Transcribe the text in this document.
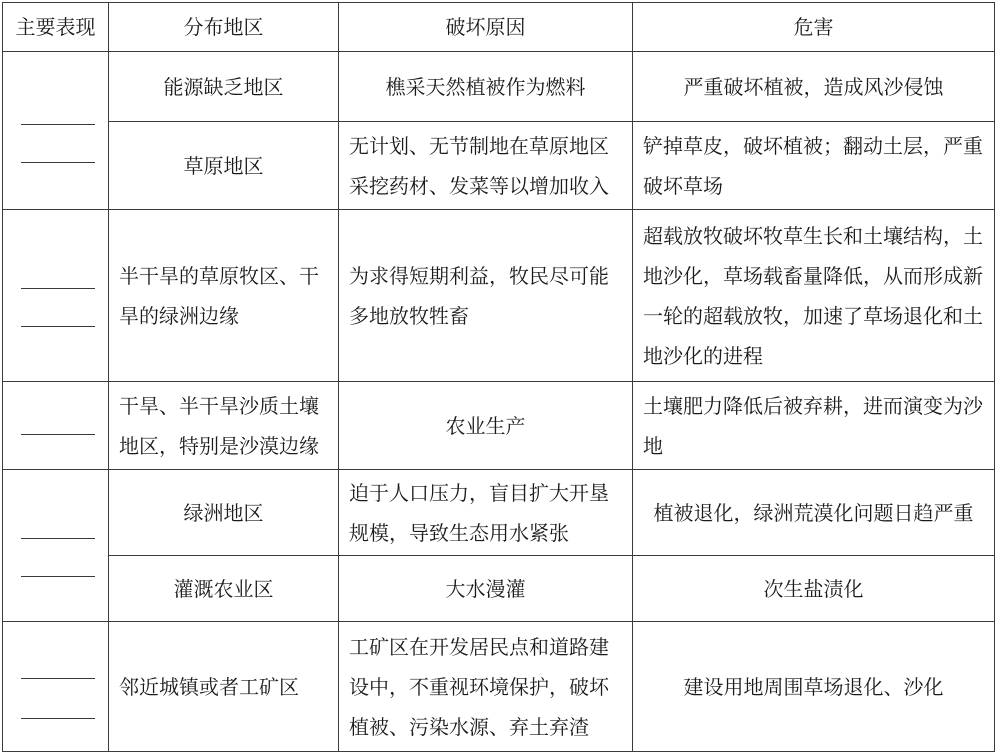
主要表现	分布地区	破坏原因	危害

	能源缺乏地区	樵采天然植被作为燃料	严重破坏植被，造成风沙侵蚀
	草原地区	无计划、无节制地在草原地区采挖药材、发菜等以增加收入	铲掉草皮，破坏植被；翻动土层，严重破坏草场

	半干旱的草原牧区、干旱的绿洲边缘	为求得短期利益，牧民尽可能多地放牧牲畜	超载放牧破坏牧草生长和土壤结构，土地沙化，草场载畜量降低，从而形成新一轮的超载放牧，加速了草场退化和土地沙化的进程

	干旱、半干旱沙质土壤地区，特别是沙漠边缘	农业生产	土壤肥力降低后被弃耕，进而演变为沙地

	绿洲地区	迫于人口压力，盲目扩大开垦规模，导致生态用水紧张	植被退化，绿洲荒漠化问题日趋严重
	灌溉农业区	大水漫灌	次生盐渍化

	邻近城镇或者工矿区	工矿区在开发居民点和道路建设中，不重视环境保护，破坏植被、污染水源、弃土弃渣	建设用地周围草场退化、沙化
